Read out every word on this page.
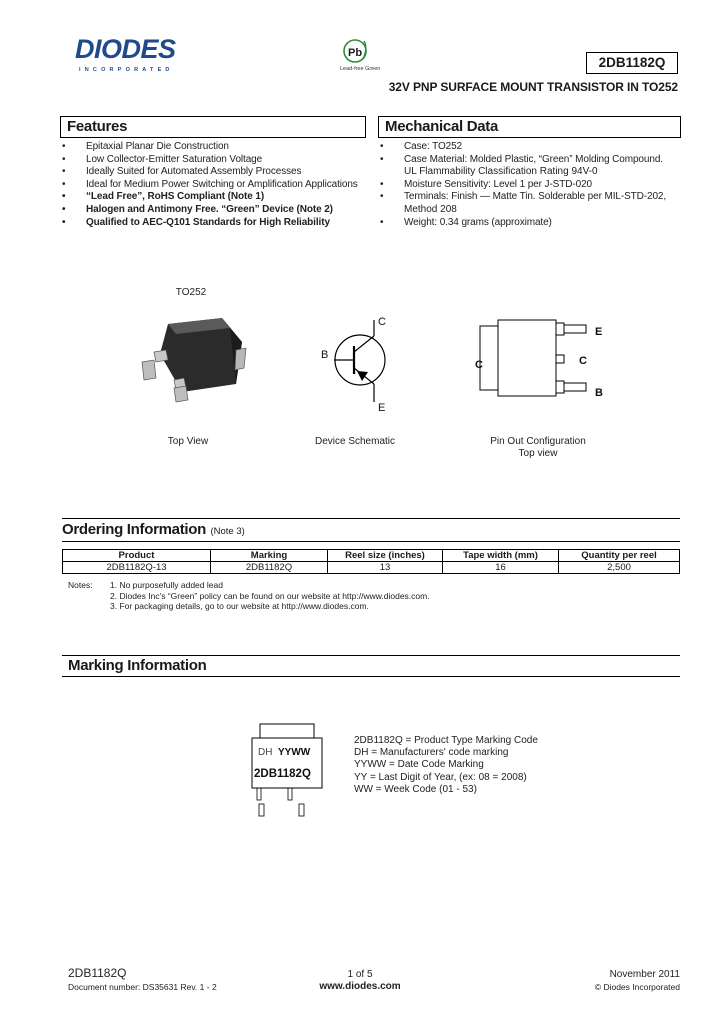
DIODES
INCORPORATED
Pb
Lead-free Green	2DB1182Q
32V PNP SURFACE MOUNT TRANSISTOR IN TO252
Features
• Epitaxial Planar Die Construction
• Low Collector-Emitter Saturation Voltage
• Ideally Suited for Automated Assembly Processes
• Ideal for Medium Power Switching or Amplification Applications
• “Lead Free”, RoHS Compliant (Note 1)
• Halogen and Antimony Free. “Green” Device (Note 2)
• Qualified to AEC-Q101 Standards for High Reliability
Mechanical Data
• Case: TO252
• Case Material: Molded Plastic, “Green” Molding Compound.
UL Flammability Classification Rating 94V-0
• Moisture Sensitivity: Level 1 per J-STD-020
• Terminals: Finish — Matte Tin. Solderable per MIL-STD-202,
Method 208
• Weight: 0.34 grams (approximate)
TO252
Top View
C
B
E
Device Schematic
C
E
C
B
Pin Out Configuration
Top view
Ordering Information (Note 3)
Product	Marking	Reel size (inches)	Tape width (mm)	Quantity per reel
2DB1182Q-13	2DB1182Q	13	16	2,500
Notes: 1. No purposefully added lead
2. Diodes Inc's “Green” policy can be found on our website at http://www.diodes.com.
3. For packaging details, go to our website at http://www.diodes.com.
Marking Information
DH YYWW
2DB1182Q
2DB1182Q = Product Type Marking Code
DH = Manufacturers' code marking
YYWW = Date Code Marking
YY = Last Digit of Year, (ex: 08 = 2008)
WW = Week Code (01 - 53)
2DB1182Q
Document number: DS35631 Rev. 1 - 2
1 of 5
www.diodes.com
November 2011
© Diodes Incorporated
